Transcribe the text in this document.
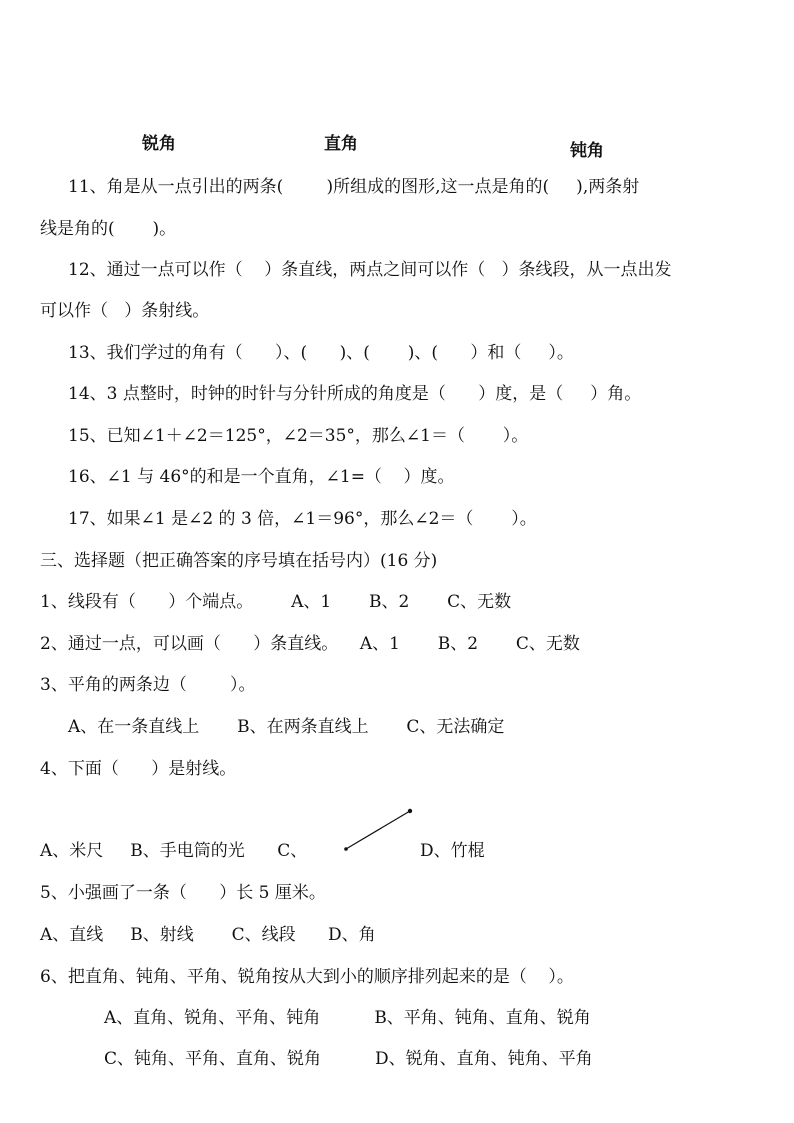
锐角	直角	钝角
11、角是从一点引出的两条(        )所组成的图形,这一点是角的(     ),两条射
线是角的(       )。
12、通过一点可以作（    ）条直线，两点之间可以作（   ）条线段，从一点出发
可以作（   ）条射线。
13、我们学过的角有（      ）、(      )、(       )、(      ）和（     ）。
14、3 点整时，时钟的时针与分针所成的角度是（      ）度，是（     ）角。
15、已知∠1＋∠2＝125°，∠2＝35°，那么∠1＝（       ）。
16、∠1 与 46°的和是一个直角，∠1=（    ）度。
17、如果∠1 是∠2 的 3 倍，∠1＝96°，那么∠2＝（       ）。
三、选择题（把正确答案的序号填在括号内）(16 分)
1、线段有（      ）个端点。       A、1       B、2       C、无数
2、通过一点，可以画（      ）条直线。    A、1       B、2       C、无数
3、平角的两条边（        ）。
A、在一条直线上       B、在两条直线上       C、无法确定
4、下面（      ）是射线。
A、米尺     B、手电筒的光      C、	D、竹棍
5、小强画了一条（      ）长 5 厘米。
A、直线     B、射线       C、线段      D、角
6、把直角、钝角、平角、锐角按从大到小的顺序排列起来的是（    ）。
A、直角、锐角、平角、钝角          B、平角、钝角、直角、锐角
C、钝角、平角、直角、锐角          D、锐角、直角、钝角、平角
